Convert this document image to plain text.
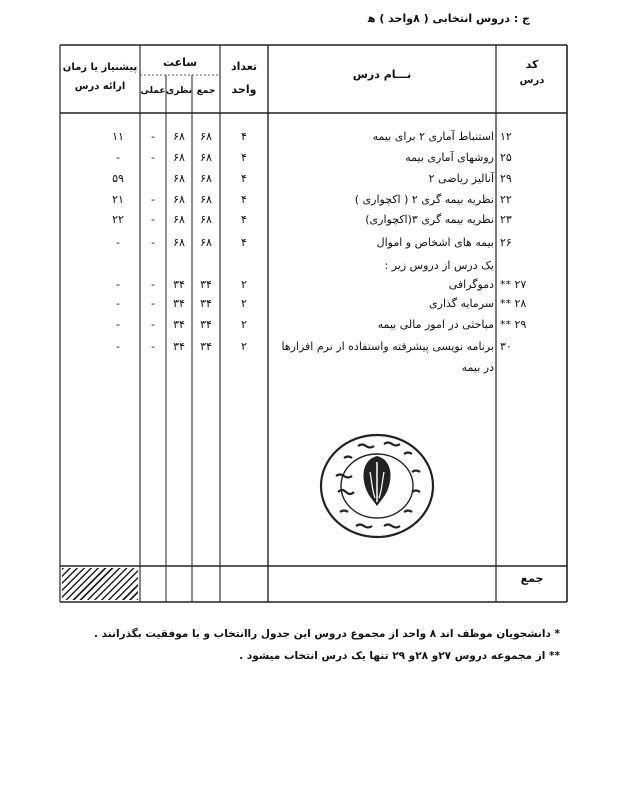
ج : دروس انتخابی ( ۸واحد ) ﻫ
کد
درس
نـــام درس
تعداد
واحد
ساعت
جمع
نظری
عملی
پیشنیاز یا زمان
ارائه درس
۱۲
استنباط آماری ۲ برای بیمه
۴
۶۸
۶۸
-
۱۱
۲۵
روشهای آماری بیمه
۴
۶۸
۶۸
-
-
۲۹
آنالیز ریاضی ۲
۴
۶۸
۶۸
۵۹
۲۲
نظریه بیمه گری ۲ ( اکچواری )
۴
۶۸
۶۸
-
۲۱
۲۳
نظریه بیمه گری ۳(اکچواری)
۴
۶۸
۶۸
-
۲۲
۲۶
بیمه های اشخاص و اموال
۴
۶۸
۶۸
-
-
یک درس از دروس زیر :
** ۲۷
دموگرافی
۲
۳۴
۳۴
-
-
** ۲۸
سرمایه گذاری
۲
۳۴
۳۴
-
-
** ۲۹
مباحثی در امور مالی بیمه
۲
۳۴
۳۴
-
-
۳۰
برنامه نویسی پیشرفته واستفاده از نرم افزارها
۲
۳۴
۳۴
-
-
در بیمه
جمع
* دانشجویان موظف اند ۸ واحد از مجموع دروس این جدول راانتخاب و با موفقیت بگذرانند .
** از مجموعه دروس ۲۷و ۲۸و ۲۹ تنها یک درس انتخاب میشود .
